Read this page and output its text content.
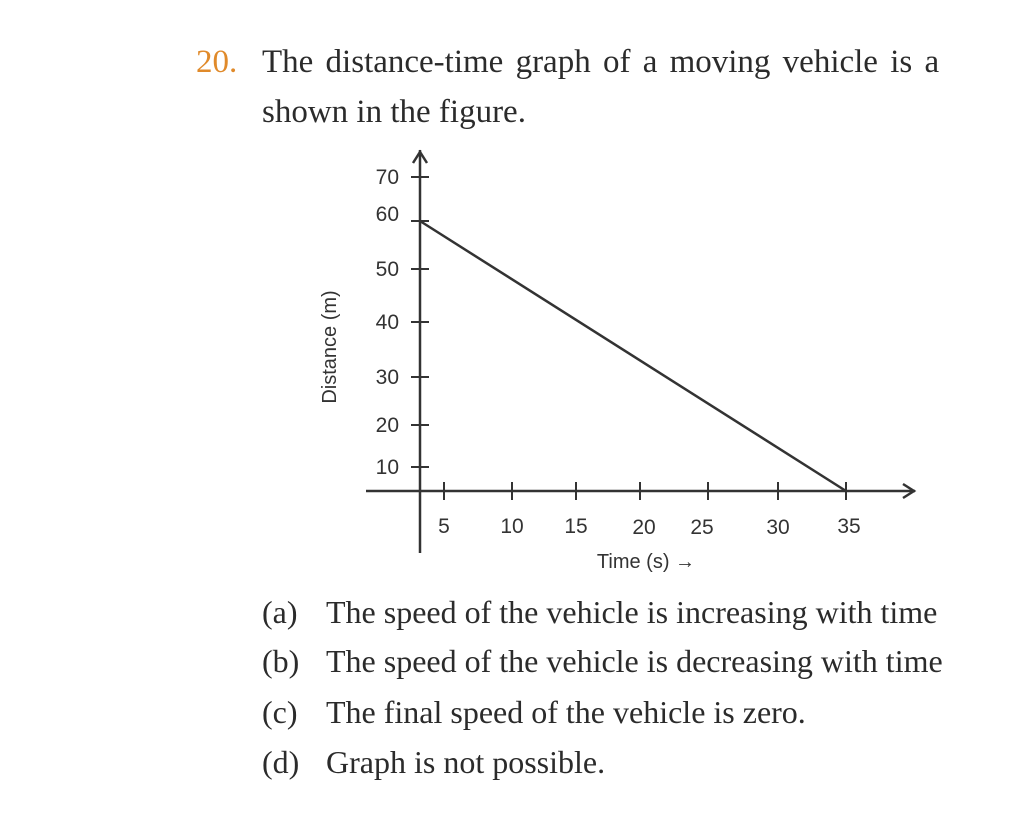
20. The distance-time graph of a moving vehicle is a
shown in the figure.
10
20
30
40
50
60
70
Distance (m)
5 10 15 20 25	30 35
Time (s) →
(a) The speed of the vehicle is increasing with time
(b) The speed of the vehicle is decreasing with time
(c) The final speed of the vehicle is zero.
(d) Graph is not possible.
